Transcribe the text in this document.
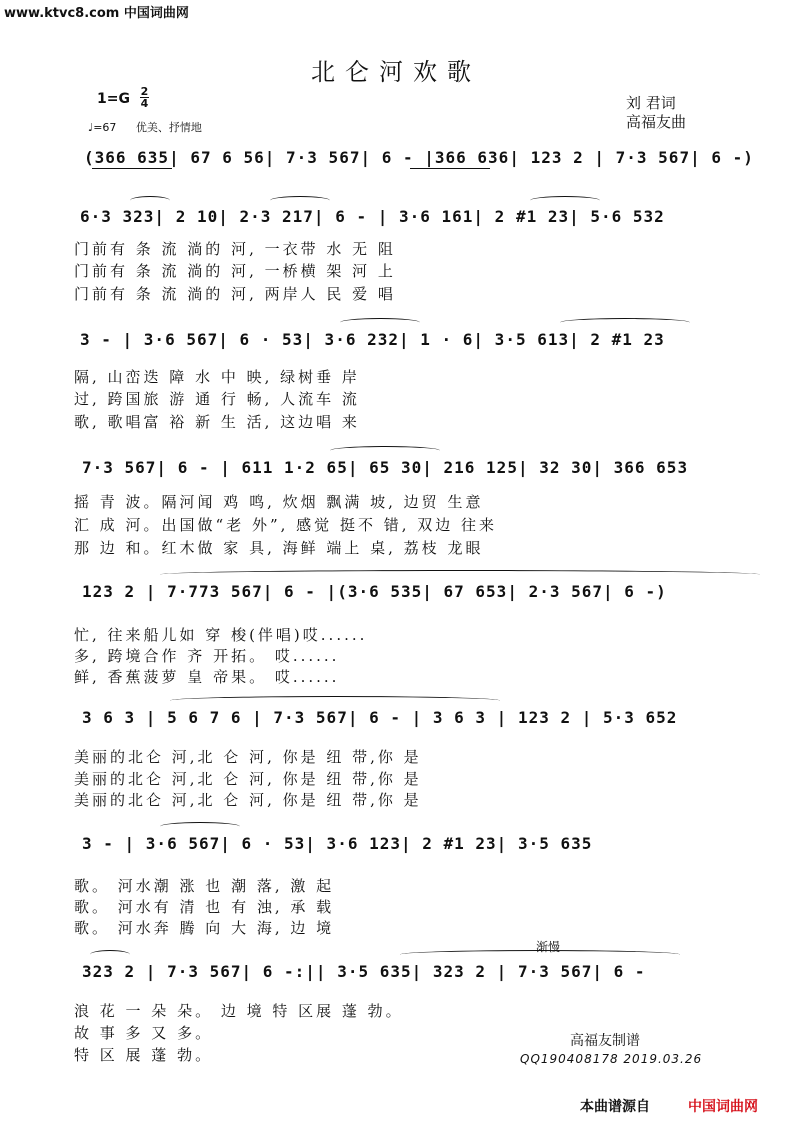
www.ktvc8.com 中国词曲网
北仑河欢歌
1=G 2
4
♩=67 优美、抒情地
刘 君词
高福友曲
(366 635| 67 6 56| 7·3 567| 6 - |366 636| 123 2 | 7·3 567| 6 -)
6·3 323| 2 10| 2·3 217| 6 - | 3·6 161| 2 #1 23| 5·6 532
门前有 条 流 淌的 河, 一衣带 水 无 阻
门前有 条 流 淌的 河, 一桥横 架 河 上
门前有 条 流 淌的 河, 两岸人 民 爱 唱
3 - | 3·6 567| 6 · 53| 3·6 232| 1 · 6| 3·5 613| 2 #1 23
隔, 山峦迭 障 水 中 映, 绿树垂 岸
过, 跨国旅 游 通 行 畅, 人流车 流
歌, 歌唱富 裕 新 生 活, 这边唱 来
7·3 567| 6 - | 611 1·2 65| 65 30| 216 125| 32 30| 366 653
摇 青 波。隔河闻 鸡 鸣, 炊烟 飘满 坡, 边贸 生意
汇 成 河。出国做“老 外”, 感觉 挺不 错, 双边 往来
那 边 和。红木做 家 具, 海鲜 端上 桌, 荔枝 龙眼
123 2 | 7·773 567| 6 - |(3·6 535| 67 653| 2·3 567| 6 -)
忙, 往来船儿如 穿 梭(伴唱)哎......
多, 跨境合作 齐 开拓。 哎......
鲜, 香蕉菠萝 皇 帝果。 哎......
3 6 3 | 5 6 7 6 | 7·3 567| 6 - | 3 6 3 | 123 2 | 5·3 652
美丽的北仑 河,北 仑 河, 你是 纽 带,你 是
美丽的北仑 河,北 仑 河, 你是 纽 带,你 是
美丽的北仑 河,北 仑 河, 你是 纽 带,你 是
3 - | 3·6 567| 6 · 53| 3·6 123| 2 #1 23| 3·5 635
歌。 河水潮 涨 也 潮 落, 激 起
歌。 河水有 清 也 有 浊, 承 载
歌。 河水奔 腾 向 大 海, 边 境
渐慢
323 2 | 7·3 567| 6 -:|| 3·5 635| 323 2 | 7·3 567| 6 -
浪 花 一 朵 朵。 边 境 特 区展 蓬 勃。
故 事 多 又 多。
特 区 展 蓬 勃。
高福友制谱
QQ190408178 2019.03.26
本曲谱源自	中国词曲网
